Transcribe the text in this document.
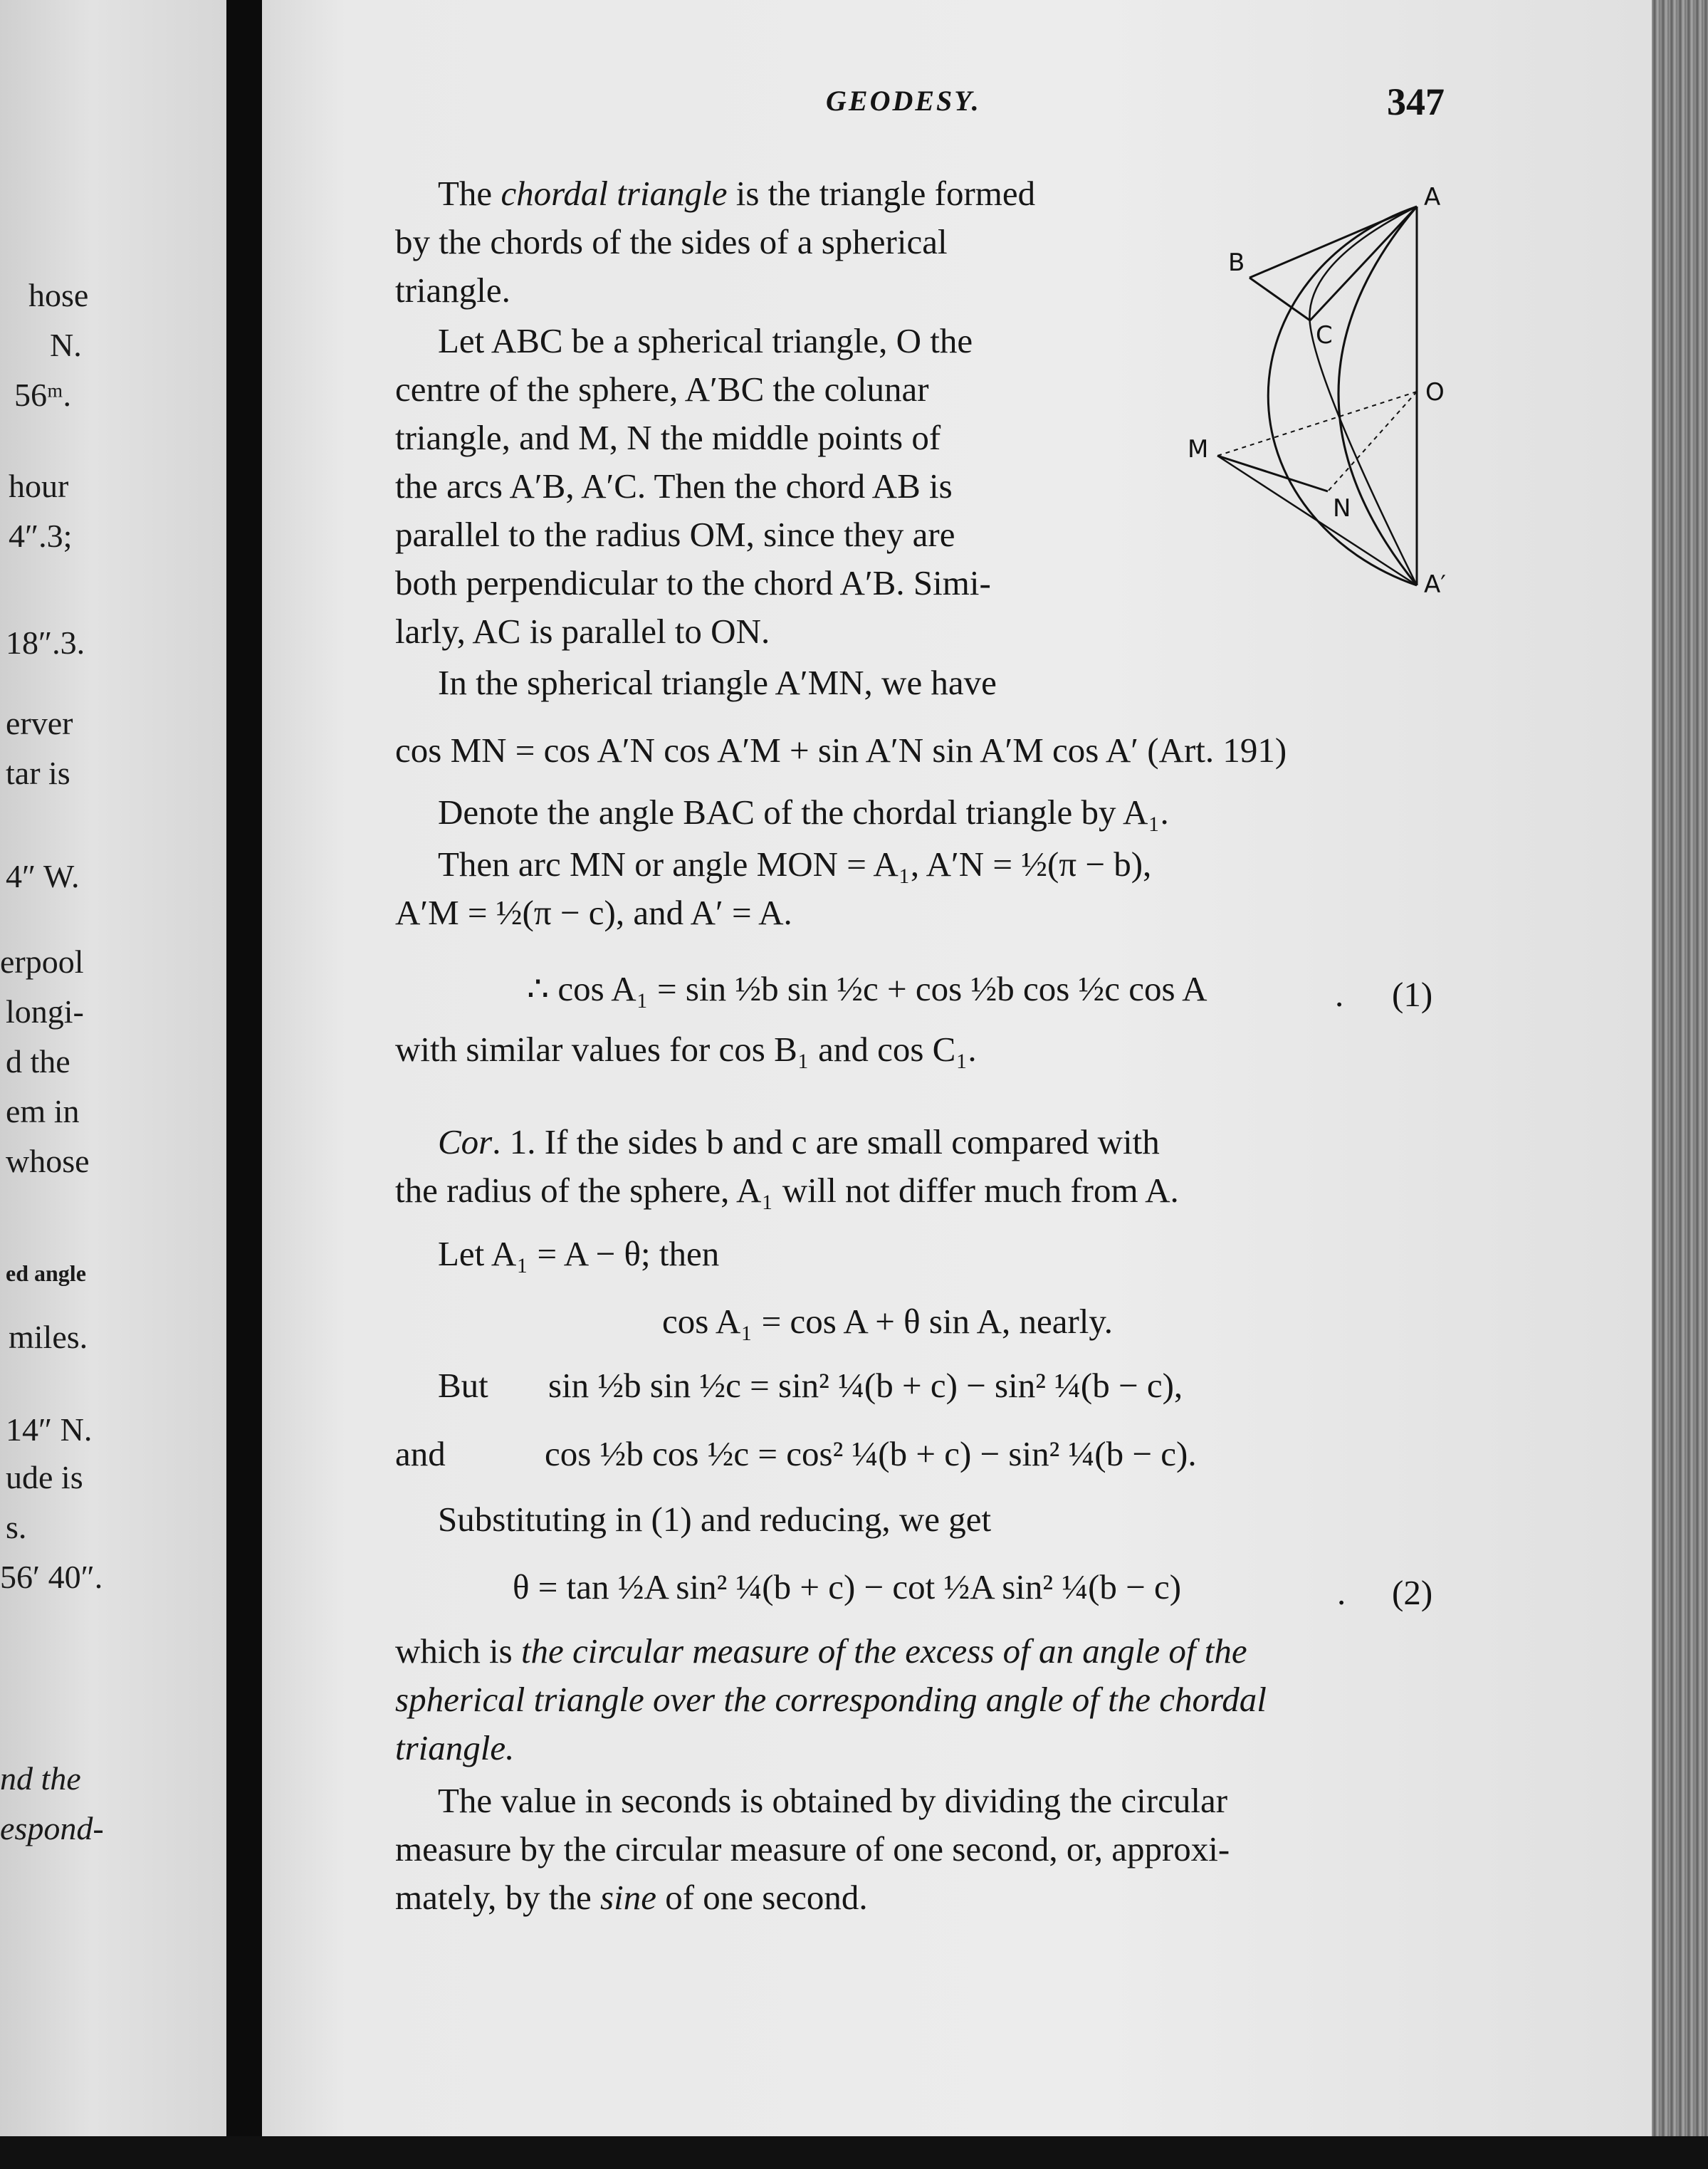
hose
N.
56ᵐ.
hour
4″.3;
18″.3.
erver
tar is
4″ W.
erpool
longi-
d the
em in
whose
ed angle
miles.
14″ N.
ude is
s.
56′ 40″.
nd the
espond-
GEODESY.	347
The chordal triangle is the triangle formed
by the chords of the sides of a spherical
triangle.
Let ABC be a spherical triangle, O the
centre of the sphere, A′BC the colunar
triangle, and M, N the middle points of
the arcs A′B, A′C. Then the chord AB is
parallel to the radius OM, since they are
both perpendicular to the chord A′B. Simi-
larly, AC is parallel to ON.
In the spherical triangle A′MN, we have
cos MN = cos A′N cos A′M + sin A′N sin A′M cos A′ (Art. 191)
Denote the angle BAC of the chordal triangle by A₁.
Then arc MN or angle MON = A₁, A′N = ½(π − b),
A′M = ½(π − c), and A′ = A.
∴ cos A₁ = sin ½b sin ½c + cos ½b cos ½c cos A	. (1)
with similar values for cos B₁ and cos C₁.
Cor. 1. If the sides b and c are small compared with
the radius of the sphere, A₁ will not differ much from A.
Let A₁ = A − θ; then
cos A₁ = cos A + θ sin A, nearly.
But sin ½b sin ½c = sin² ¼(b + c) − sin² ¼(b − c),
and	cos ½b cos ½c = cos² ¼(b + c) − sin² ¼(b − c).
Substituting in (1) and reducing, we get
θ = tan ½A sin² ¼(b + c) − cot ½A sin² ¼(b − c)	. (2)
which is the circular measure of the excess of an angle of the
spherical triangle over the corresponding angle of the chordal
triangle.
The value in seconds is obtained by dividing the circular
measure by the circular measure of one second, or, approxi-
mately, by the sine of one second.
A
B
C
O
M
N
A′
